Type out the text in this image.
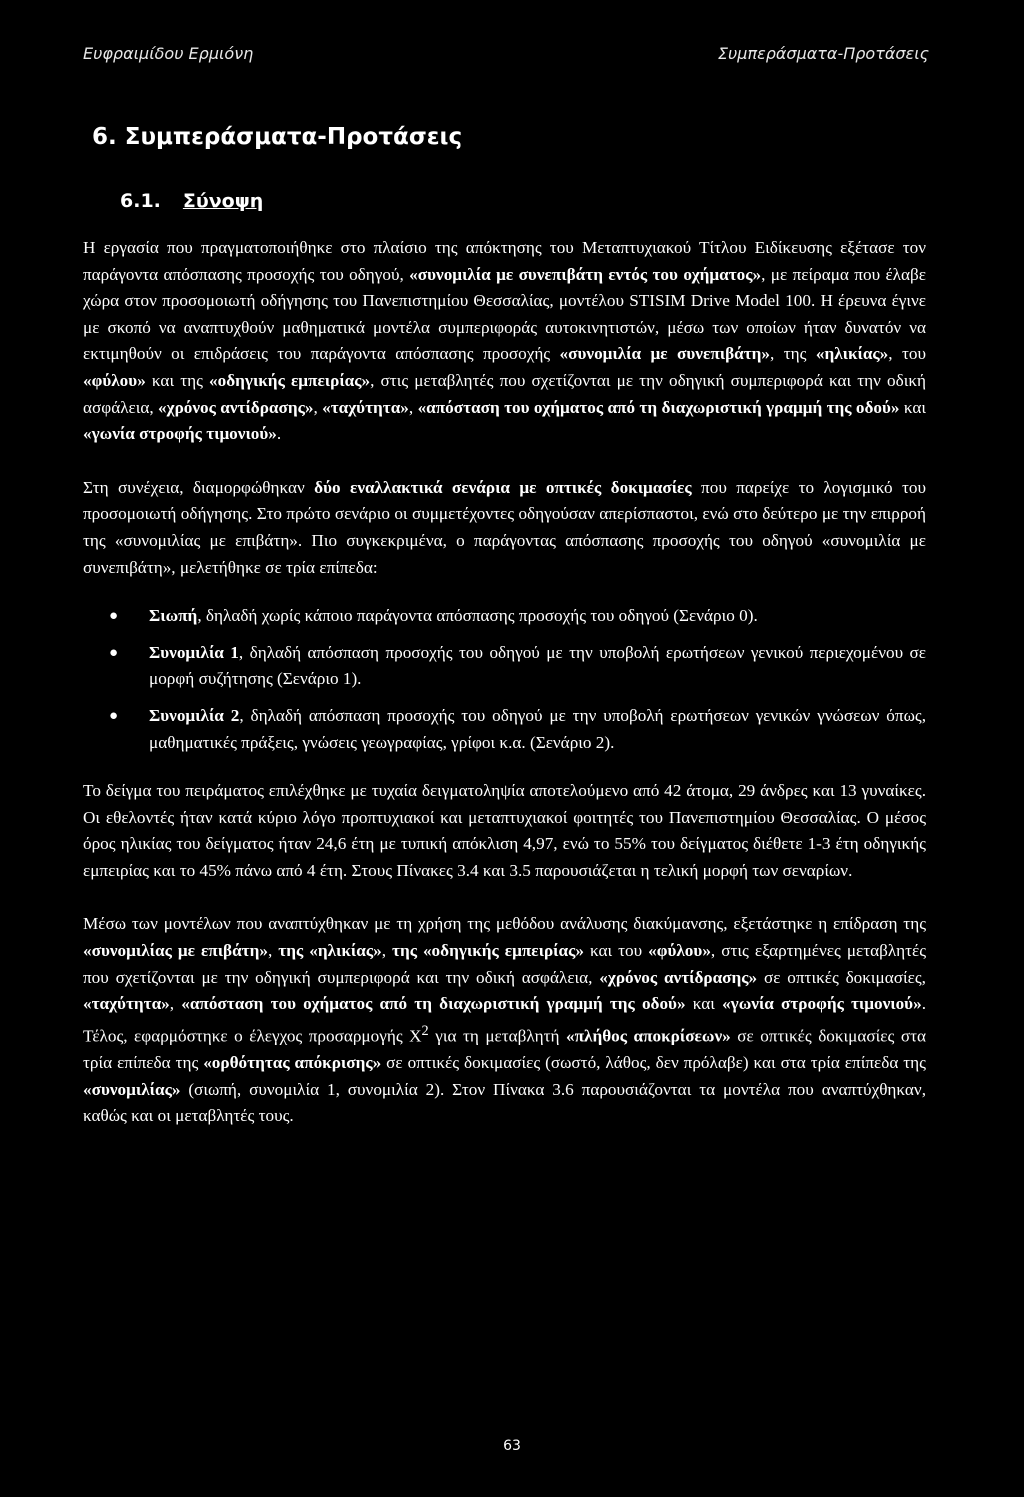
Ευφραιμίδου Ερμιόνη	Συμπεράσματα-Προτάσεις
6. Συμπεράσματα-Προτάσεις
6.1. Σύνοψη

Η εργασία που πραγματοποιήθηκε στο πλαίσιο της απόκτησης του Μεταπτυχιακού Τίτλου Ειδίκευσης εξέτασε τον παράγοντα απόσπασης προσοχής του οδηγού, «συνομιλία με συνεπιβάτη εντός του οχήματος», με πείραμα που έλαβε χώρα στον προσομοιωτή οδήγησης του Πανεπιστημίου Θεσσαλίας, μοντέλου STISIM Drive Model 100. Η έρευνα έγινε με σκοπό να αναπτυχθούν μαθηματικά μοντέλα συμπεριφοράς αυτοκινητιστών, μέσω των οποίων ήταν δυνατόν να εκτιμηθούν οι επιδράσεις του παράγοντα απόσπασης προσοχής «συνομιλία με συνεπιβάτη», της «ηλικίας», του «φύλου» και της «οδηγικής εμπειρίας», στις μεταβλητές που σχετίζονται με την οδηγική συμπεριφορά και την οδική ασφάλεια, «χρόνος αντίδρασης», «ταχύτητα», «απόσταση του οχήματος από τη διαχωριστική γραμμή της οδού» και «γωνία στροφής τιμονιού».

Στη συνέχεια, διαμορφώθηκαν δύο εναλλακτικά σενάρια με οπτικές δοκιμασίες που παρείχε το λογισμικό του προσομοιωτή οδήγησης. Στο πρώτο σενάριο οι συμμετέχοντες οδηγούσαν απερίσπαστοι, ενώ στο δεύτερο με την επιρροή της «συνομιλίας με επιβάτη». Πιο συγκεκριμένα, ο παράγοντας απόσπασης προσοχής του οδηγού «συνομιλία με συνεπιβάτη», μελετήθηκε σε τρία επίπεδα:

● Σιωπή, δηλαδή χωρίς κάποιο παράγοντα απόσπασης προσοχής του οδηγού (Σενάριο 0).
● Συνομιλία 1, δηλαδή απόσπαση προσοχής του οδηγού με την υποβολή ερωτήσεων γενικού περιεχομένου σε μορφή συζήτησης (Σενάριο 1).
● Συνομιλία 2, δηλαδή απόσπαση προσοχής του οδηγού με την υποβολή ερωτήσεων γενικών γνώσεων όπως, μαθηματικές πράξεις, γνώσεις γεωγραφίας, γρίφοι κ.α. (Σενάριο 2).

Το δείγμα του πειράματος επιλέχθηκε με τυχαία δειγματοληψία αποτελούμενο από 42 άτομα, 29 άνδρες και 13 γυναίκες. Οι εθελοντές ήταν κατά κύριο λόγο προπτυχιακοί και μεταπτυχιακοί φοιτητές του Πανεπιστημίου Θεσσαλίας. Ο μέσος όρος ηλικίας του δείγματος ήταν 24,6 έτη με τυπική απόκλιση 4,97, ενώ το 55% του δείγματος διέθετε 1-3 έτη οδηγικής εμπειρίας και το 45% πάνω από 4 έτη. Στους Πίνακες 3.4 και 3.5 παρουσιάζεται η τελική μορφή των σεναρίων.

Μέσω των μοντέλων που αναπτύχθηκαν με τη χρήση της μεθόδου ανάλυσης διακύμανσης, εξετάστηκε η επίδραση της «συνομιλίας με επιβάτη», της «ηλικίας», της «οδηγικής εμπειρίας» και του «φύλου», στις εξαρτημένες μεταβλητές που σχετίζονται με την οδηγική συμπεριφορά και την οδική ασφάλεια, «χρόνος αντίδρασης» σε οπτικές δοκιμασίες, «ταχύτητα», «απόσταση του οχήματος από τη διαχωριστική γραμμή της οδού» και «γωνία στροφής τιμονιού». Τέλος, εφαρμόστηκε ο έλεγχος προσαρμογής $X^2$ για τη μεταβλητή «πλήθος αποκρίσεων» σε οπτικές δοκιμασίες στα τρία επίπεδα της «ορθότητας απόκρισης» σε οπτικές δοκιμασίες (σωστό, λάθος, δεν πρόλαβε) και στα τρία επίπεδα της «συνομιλίας» (σιωπή, συνομιλία 1, συνομιλία 2). Στον Πίνακα 3.6 παρουσιάζονται τα μοντέλα που αναπτύχθηκαν, καθώς και οι μεταβλητές τους.

63
